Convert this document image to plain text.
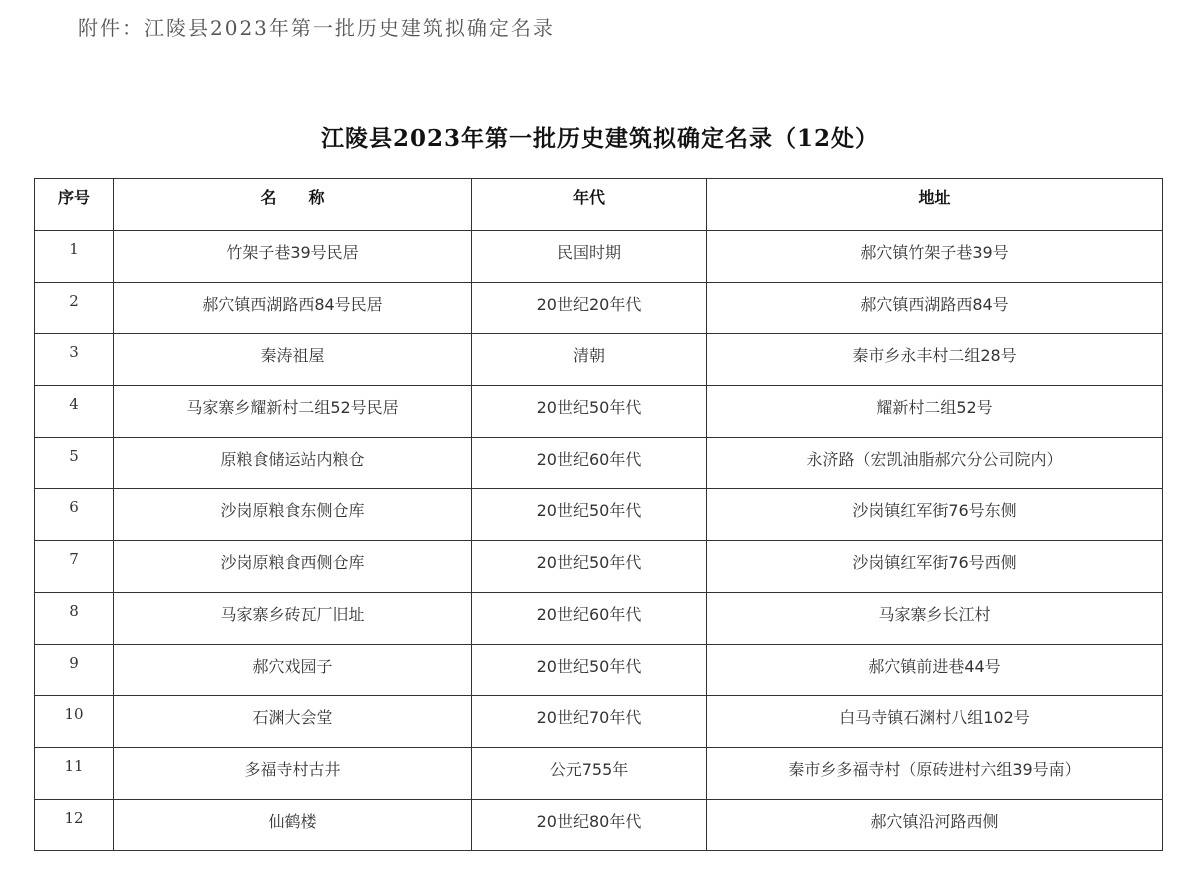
附件：江陵县2023年第一批历史建筑拟确定名录
江陵县2023年第一批历史建筑拟确定名录（12处）
序号	名　　称	年代	地址
1	竹架子巷39号民居	民国时期	郝穴镇竹架子巷39号
2	郝穴镇西湖路西84号民居	20世纪20年代	郝穴镇西湖路西84号
3	秦涛祖屋	清朝	秦市乡永丰村二组28号
4	马家寨乡耀新村二组52号民居	20世纪50年代	耀新村二组52号
5	原粮食储运站内粮仓	20世纪60年代	永济路（宏凯油脂郝穴分公司院内）
6	沙岗原粮食东侧仓库	20世纪50年代	沙岗镇红军街76号东侧
7	沙岗原粮食西侧仓库	20世纪50年代	沙岗镇红军街76号西侧
8	马家寨乡砖瓦厂旧址	20世纪60年代	马家寨乡长江村
9	郝穴戏园子	20世纪50年代	郝穴镇前进巷44号
10	石渊大会堂	20世纪70年代	白马寺镇石渊村八组102号
11	多福寺村古井	公元755年	秦市乡多福寺村（原砖进村六组39号南）
12	仙鹤楼	20世纪80年代	郝穴镇沿河路西侧
